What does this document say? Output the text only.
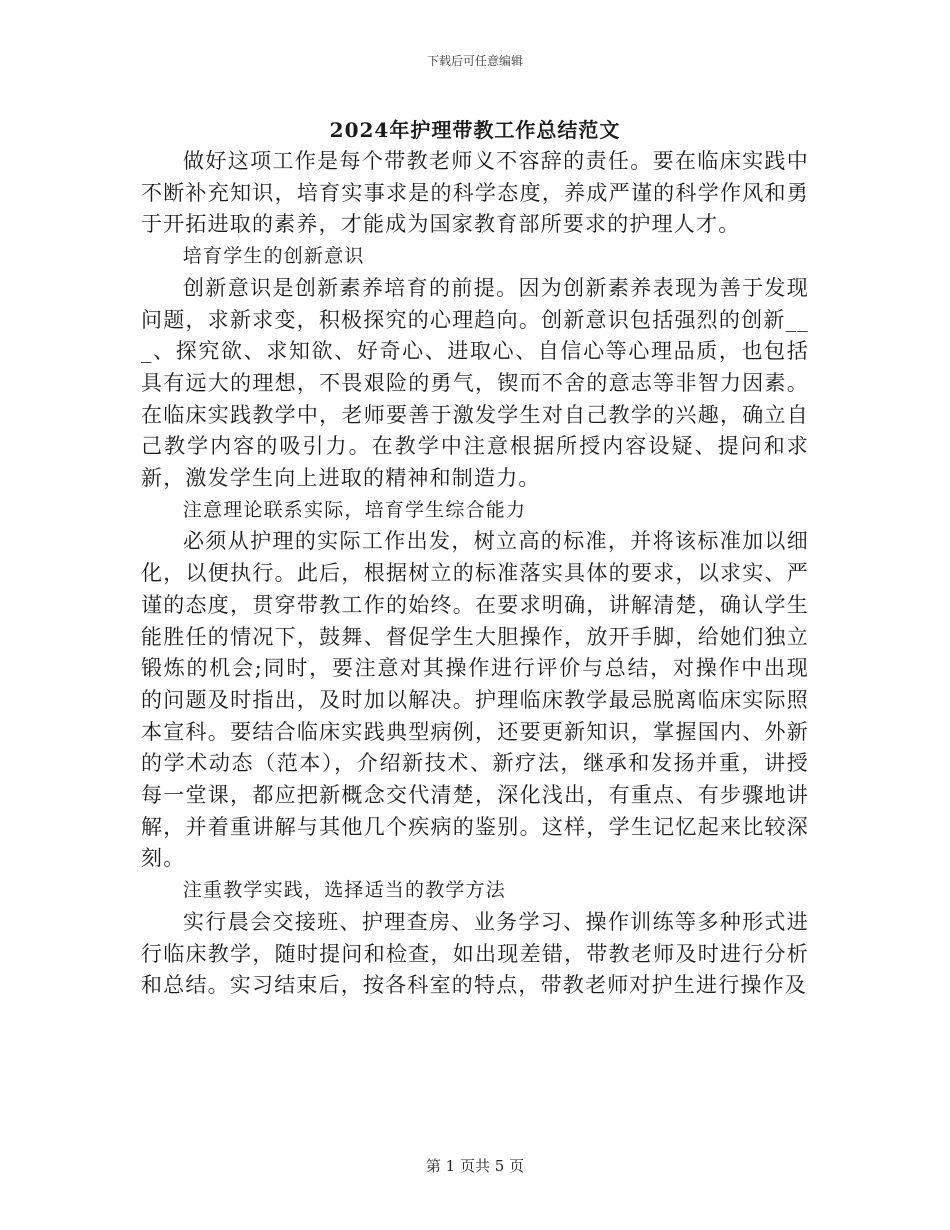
下载后可任意编辑
2024年护理带教工作总结范文

做好这项工作是每个带教老师义不容辞的责任。要在临床实践中不断补充知识，培育实事求是的科学态度，养成严谨的科学作风和勇于开拓进取的素养，才能成为国家教育部所要求的护理人才。

培育学生的创新意识

创新意识是创新素养培育的前提。因为创新素养表现为善于发现问题，求新求变，积极探究的心理趋向。创新意识包括强烈的创新___、探究欲、求知欲、好奇心、进取心、自信心等心理品质，也包括具有远大的理想，不畏艰险的勇气，锲而不舍的意志等非智力因素。在临床实践教学中，老师要善于激发学生对自己教学的兴趣，确立自己教学内容的吸引力。在教学中注意根据所授内容设疑、提问和求新，激发学生向上进取的精神和制造力。

注意理论联系实际，培育学生综合能力

必须从护理的实际工作出发，树立高的标准，并将该标准加以细化，以便执行。此后，根据树立的标准落实具体的要求，以求实、严谨的态度，贯穿带教工作的始终。在要求明确，讲解清楚，确认学生能胜任的情况下，鼓舞、督促学生大胆操作，放开手脚，给她们独立锻炼的机会;同时，要注意对其操作进行评价与总结，对操作中出现的问题及时指出，及时加以解决。护理临床教学最忌脱离临床实际照本宣科。要结合临床实践典型病例，还要更新知识，掌握国内、外新的学术动态（范本），介绍新技术、新疗法，继承和发扬并重，讲授每一堂课，都应把新概念交代清楚，深化浅出，有重点、有步骤地讲解，并着重讲解与其他几个疾病的鉴别。这样，学生记忆起来比较深刻。

注重教学实践，选择适当的教学方法

实行晨会交接班、护理查房、业务学习、操作训练等多种形式进行临床教学，随时提问和检查，如出现差错，带教老师及时进行分析和总结。实习结束后，按各科室的特点，带教老师对护生进行操作及

第 1 页共 5 页
